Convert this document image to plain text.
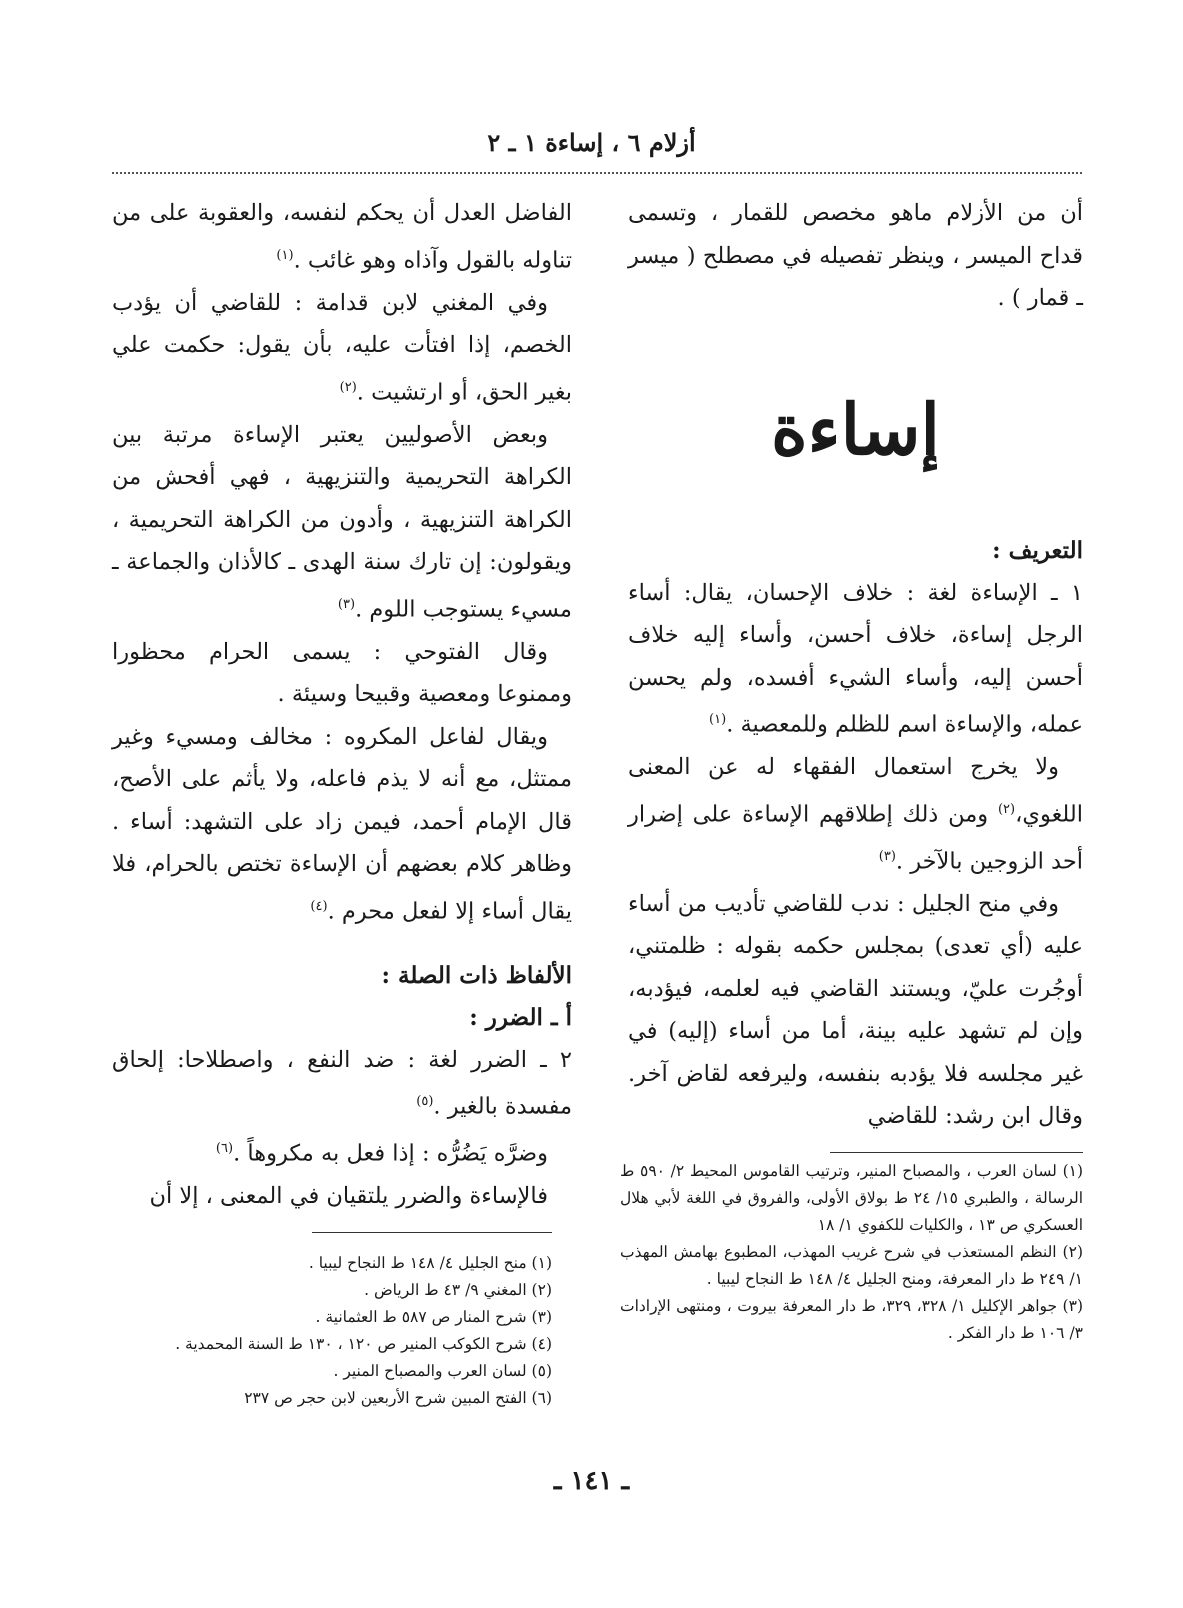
أزلام ٦ ، إساءة ١ ـ ٢

أن من الأزلام ماهو مخصص للقمار ، وتسمى قداح الميسر ، وينظر تفصيله في مصطلح ( ميسر ـ قمار ) .

إساءة

التعريف :

١ ـ الإساءة لغة : خلاف الإحسان، يقال: أساء الرجل إساءة، خلاف أحسن، وأساء إليه خلاف أحسن إليه، وأساء الشيء أفسده، ولم يحسن عمله، والإساءة اسم للظلم وللمعصية .$^{(١)}$

ولا يخرج استعمال الفقهاء له عن المعنى اللغوي،$^{(٢)}$ ومن ذلك إطلاقهم الإساءة على إضرار أحد الزوجين بالآخر .$^{(٣)}$

وفي منح الجليل : ندب للقاضي تأديب من أساء عليه (أي تعدى) بمجلس حكمه بقوله : ظلمتني، أوجُرت عليّ، ويستند القاضي فيه لعلمه، فيؤدبه، وإن لم تشهد عليه بينة، أما من أساء (إليه) في غير مجلسه فلا يؤدبه بنفسه، وليرفعه لقاض آخر. وقال ابن رشد: للقاضي

(١) لسان العرب ، والمصباح المنير، وترتيب القاموس المحيط ٢/ ٥٩٠ ط الرسالة ، والطبري ١٥/ ٢٤ ط بولاق الأولى، والفروق في اللغة لأبي هلال العسكري ص ١٣ ، والكليات للكفوي ١/ ١٨

(٢) النظم المستعذب في شرح غريب المهذب، المطبوع بهامش المهذب ١/ ٢٤٩ ط دار المعرفة، ومنح الجليل ٤/ ١٤٨ ط النجاح ليبيا .

(٣) جواهر الإكليل ١/ ٣٢٨، ٣٢٩، ط دار المعرفة بيروت ، ومنتهى الإرادات ٣/ ١٠٦ ط دار الفكر .

الفاضل العدل أن يحكم لنفسه، والعقوبة على من تناوله بالقول وآذاه وهو غائب .$^{(١)}$

وفي المغني لابن قدامة : للقاضي أن يؤدب الخصم، إذا افتأت عليه، بأن يقول: حكمت علي بغير الحق، أو ارتشيت .$^{(٢)}$

وبعض الأصوليين يعتبر الإساءة مرتبة بين الكراهة التحريمية والتنزيهية ، فهي أفحش من الكراهة التنزيهية ، وأدون من الكراهة التحريمية ، ويقولون: إن تارك سنة الهدى ـ كالأذان والجماعة ـ مسيء يستوجب اللوم .$^{(٣)}$

وقال الفتوحي : يسمى الحرام محظورا وممنوعا ومعصية وقبيحا وسيئة .

ويقال لفاعل المكروه : مخالف ومسيء وغير ممتثل، مع أنه لا يذم فاعله، ولا يأثم على الأصح، قال الإمام أحمد، فيمن زاد على التشهد: أساء . وظاهر كلام بعضهم أن الإساءة تختص بالحرام، فلا يقال أساء إلا لفعل محرم .$^{(٤)}$

الألفاظ ذات الصلة :

أ ـ الضرر :

٢ ـ الضرر لغة : ضد النفع ، واصطلاحا: إلحاق مفسدة بالغير .$^{(٥)}$

وضرَّه يَضُرُّه : إذا فعل به مكروهاً .$^{(٦)}$

فالإساءة والضرر يلتقيان في المعنى ، إلا أن

(١) منح الجليل ٤/ ١٤٨ ط النجاح ليبيا .

(٢) المغني ٩/ ٤٣ ط الرياض .

(٣) شرح المنار ص ٥٨٧ ط العثمانية .

(٤) شرح الكوكب المنير ص ١٢٠ ، ١٣٠ ط السنة المحمدية .

(٥) لسان العرب والمصباح المنير .

(٦) الفتح المبين شرح الأربعين لابن حجر ص ٢٣٧

ـ ١٤١ ـ
